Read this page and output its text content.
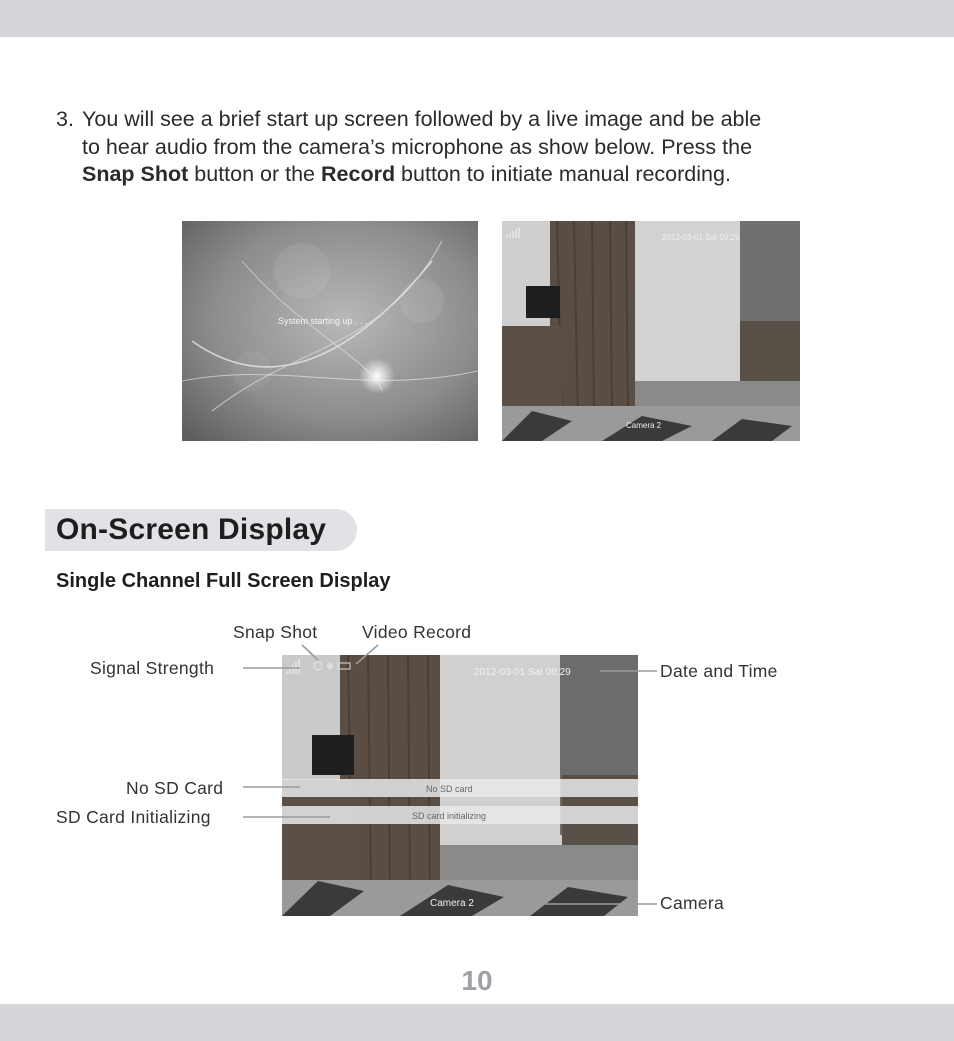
3. You will see a brief start up screen followed by a live image and be able
to hear audio from the camera’s microphone as show below. Press the
Snap Shot button or the Record button to initiate manual recording.
System starting up . . .
2012-03-01 Sat 09:29
Camera 2
On-Screen Display
Single Channel Full Screen Display
No SD card
SD card initializing
2012-03-01 Sat 09:29
Camera 2
Snap Shot	Video Record
Signal Strength	Date and Time
No SD Card
SD Card Initializing
Camera
10
